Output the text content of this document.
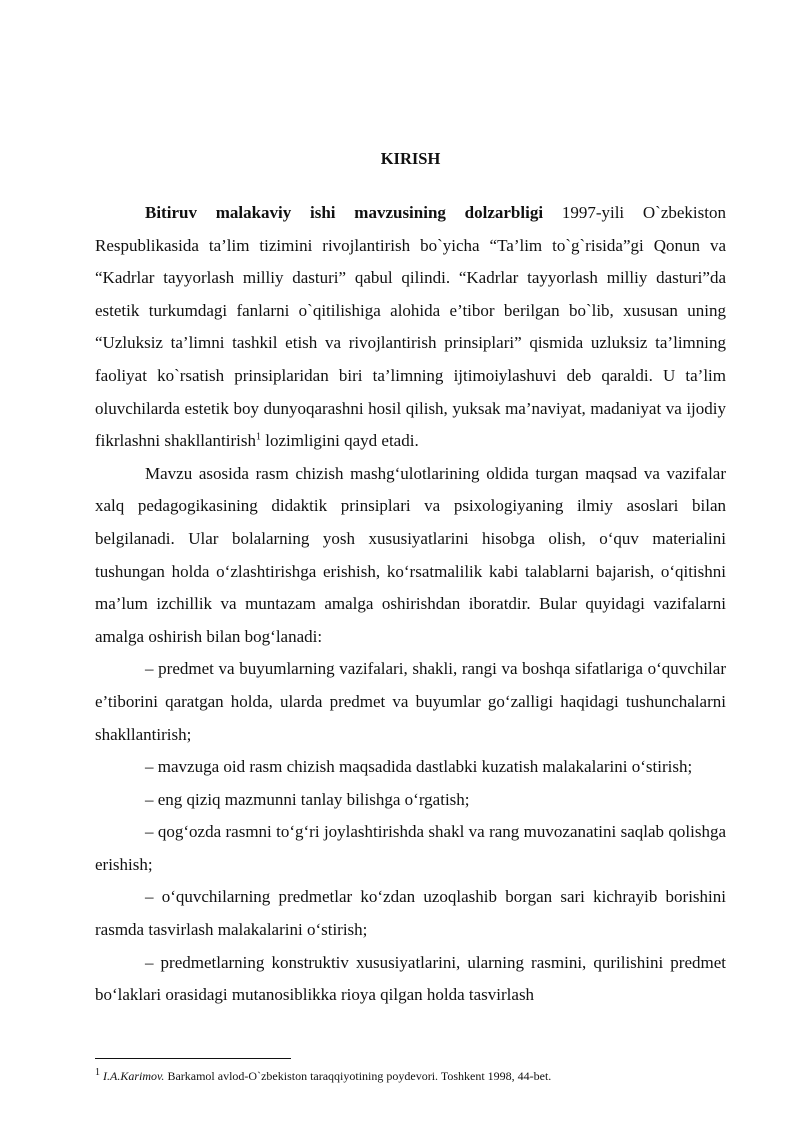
KIRISH

Bitiruv malakaviy ishi mavzusining dolzarbligi 1997-yili O`zbekiston Respublikasida ta’lim tizimini rivojlantirish bo`yicha “Ta’lim to`g`risida”gi Qonun va “Kadrlar tayyorlash milliy dasturi” qabul qilindi. “Kadrlar tayyorlash milliy dasturi”da estetik turkumdagi fanlarni o`qitilishiga alohida e’tibor berilgan bo`lib, xususan uning “Uzluksiz ta’limni tashkil etish va rivojlantirish prinsiplari” qismida uzluksiz ta’limning faoliyat ko`rsatish prinsiplaridan biri ta’limning ijtimoiylashuvi deb qaraldi. U ta’lim oluvchilarda estetik boy dunyoqarashni hosil qilish, yuksak ma’naviyat, madaniyat va ijodiy fikrlashni shakllantirish$^1$ lozimligini qayd etadi.

Mavzu asosida rasm chizish mashg‘ulotlarining oldida turgan maqsad va vazifalar xalq pedagogikasining didaktik prinsiplari va psixologiyaning ilmiy asoslari bilan belgilanadi. Ular bolalarning yosh xususiyatlarini hisobga olish, o‘quv materialini tushungan holda o‘zlashtirishga erishish, ko‘rsatmalilik kabi talablarni bajarish, o‘qitishni ma’lum izchillik va muntazam amalga oshirishdan iboratdir. Bular quyidagi vazifalarni amalga oshirish bilan bog‘lanadi:

– predmet va buyumlarning vazifalari, shakli, rangi va boshqa sifatlariga o‘quvchilar e’tiborini qaratgan holda, ularda predmet va buyumlar go‘zalligi haqidagi tushunchalarni shakllantirish;

– mavzuga oid rasm chizish maqsadida dastlabki kuzatish malakalarini o‘stirish;

– eng qiziq mazmunni tanlay bilishga o‘rgatish;

– qog‘ozda rasmni to‘g‘ri joylashtirishda shakl va rang muvozanatini saqlab qolishga erishish;

– o‘quvchilarning predmetlar ko‘zdan uzoqlashib borgan sari kichrayib borishini rasmda tasvirlash malakalarini o‘stirish;

– predmetlarning konstruktiv xususiyatlarini, ularning rasmini, qurilishini predmet bo‘laklari orasidagi mutanosiblikka rioya qilgan holda tasvirlash

$^1$ I.A.Karimov. Barkamol avlod-O`zbekiston taraqqiyotining poydevori. Toshkent 1998, 44-bet.
